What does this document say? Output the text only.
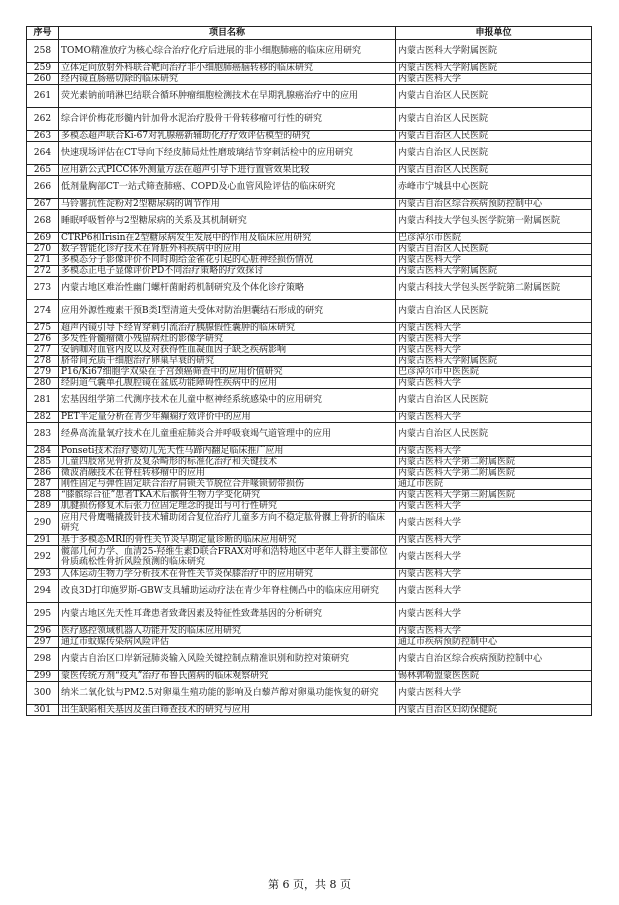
序号	项目名称	申报单位
258	TOMO精准放疗为核心综合治疗化疗后进展的非小细胞肺癌的临床应用研究	内蒙古医科大学附属医院
259	立体定向放射外科联合靶向治疗非小细胞肺癌脑转移的临床研究	内蒙古医科大学附属医院
260	经内镜直肠癌切除的临床研究	内蒙古医科大学
261	荧光素钠前哨淋巴结联合循环肿瘤细胞检测技术在早期乳腺癌治疗中的应用	内蒙古自治区人民医院
262	综合评价梅花形髓内针加骨水泥治疗股骨干骨转移瘤可行性的研究	内蒙古自治区人民医院
263	多模态超声联合Ki-67对乳腺癌新辅助化疗疗效评估模型的研究	内蒙古自治区人民医院
264	快速现场评估在CT导向下经皮肺局灶性磨玻璃结节穿刺活检中的应用研究	内蒙古自治区人民医院
265	应用新公式PICC体外测量方法在超声引导下进行置管效果比较	内蒙古自治区人民医院
266	低剂量胸部CT一站式筛查肺癌、COPD及心血管风险评估的临床研究	赤峰市宁城县中心医院
267	马铃薯抗性淀粉对2型糖尿病的调节作用	内蒙古自治区综合疾病预防控制中心
268	睡眠呼吸暂停与2型糖尿病的关系及其机制研究	内蒙古科技大学包头医学院第一附属医院
269	CTRP6和Irisin在2型糖尿病发生发展中的作用及临床应用研究	巴彦淖尔市医院
270	数字智能化诊疗技术在肾脏外科疾病中的应用	内蒙古自治区人民医院
271	多模态分子影像评价不同时期给金雀花引起的心脏神经损伤情况	内蒙古医科大学
272	多模态正电子显像评价PD不同治疗策略的疗效探讨	内蒙古医科大学附属医院
273	内蒙古地区难治性幽门螺杆菌耐药机制研究及个体化诊疗策略	内蒙古科技大学包头医学院第二附属医院
274	应用外源性瘦素干预B类I型清道夫受体对防治胆囊结石形成的研究	内蒙古自治区人民医院
275	超声内镜引导下经胃穿刺引流治疗胰腺假性囊肿的临床研究	内蒙古医科大学
276	多发性骨髓瘤微小残留病灶的影像学研究	内蒙古医科大学
277	安钠咖对血管内皮以及对获得性血凝血因子缺乏疾病影响	内蒙古医科大学
278	脐带间充质干细胞治疗卵巢早衰的研究	内蒙古医科大学附属医院
279	P16/Ki67细胞学双染在子宫颈癌筛查中的应用价值研究	巴彦淖尔市中医医院
280	经阴道气囊单孔腹腔镜在盆底功能障碍性疾病中的应用	内蒙古医科大学
281	宏基因组学第二代测序技术在儿童中枢神经系统感染中的应用研究	内蒙古自治区人民医院
282	PET半定量分析在青少年癫痫疗效评价中的应用	内蒙古医科大学
283	经鼻高流量氧疗技术在儿童重症肺炎合并呼吸衰竭气道管理中的应用	内蒙古自治区人民医院
284	Ponseti技术治疗婴幼儿先天性马蹄内翻足临床推广应用	内蒙古医科大学
285	儿童四肢常见骨折及复杂畸形的标准化治疗和关键技术	内蒙古医科大学第二附属医院
286	微波消融技术在脊柱转移瘤中的应用	内蒙古医科大学第二附属医院
287	刚性固定与弹性固定联合治疗肩锁关节脱位合并喙锁韧带损伤	通辽市医院
288	“膝髌综合征”患者TKA术后髌骨生物力学变化研究	内蒙古医科大学第三附属医院
289	肌腱损伤修复术后张力位固定理念的提出与可行性研究	内蒙古医科大学
290	应用尺骨鹰嘴撬拨针技术辅助闭合复位治疗儿童多方向不稳定肱骨髁上骨折的临床研究	内蒙古医科大学
291	基于多模态MRI的骨性关节炎早期定量诊断的临床应用研究	内蒙古医科大学
292	髋部几何力学、血清25-羟维生素D联合FRAX对呼和浩特地区中老年人群主要部位骨质疏松性骨折风险预测的临床研究	内蒙古医科大学
293	人体运动生物力学分析技术在骨性关节炎保膝治疗中的应用研究	内蒙古医科大学
294	改良3D打印施罗斯-GBW支具辅助运动疗法在青少年脊柱侧凸中的临床应用研究	内蒙古医科大学
295	内蒙古地区先天性耳聋患者致聋因素及特征性致聋基因的分析研究	内蒙古医科大学
296	医疗感控领域机器人功能开发的临床应用研究	内蒙古医科大学
297	通辽市蚊媒传染病风险评估	通辽市疾病预防控制中心
298	内蒙古自治区口岸新冠肺炎输入风险关键控制点精准识别和防控对策研究	内蒙古自治区综合疾病预防控制中心
299	蒙医传统方剂“疫丸”治疗布鲁氏菌病的临床观察研究	锡林郭勒盟蒙医医院
300	纳米二氧化钛与PM2.5对卵巢生殖功能的影响及白藜芦醇对卵巢功能恢复的研究	内蒙古医科大学
301	出生缺陷相关基因及蛋白筛查技术的研究与应用	内蒙古自治区妇幼保健院
第 6 页，共 8 页
